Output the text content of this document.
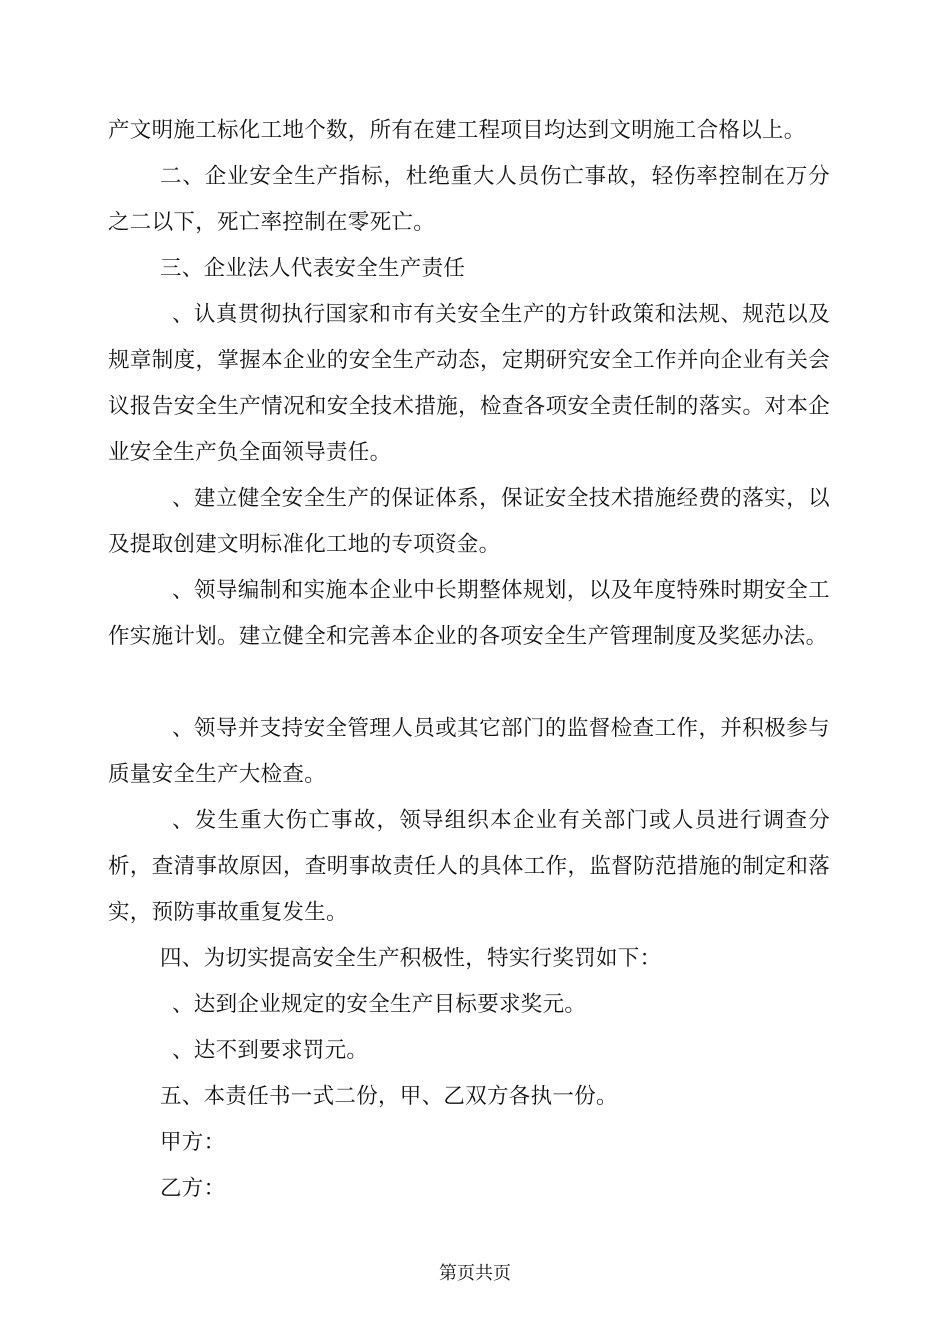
产文明施工标化工地个数，所有在建工程项目均达到文明施工合格以上。

二、企业安全生产指标，杜绝重大人员伤亡事故，轻伤率控制在万分之二以下，死亡率控制在零死亡。

三、企业法人代表安全生产责任

、认真贯彻执行国家和市有关安全生产的方针政策和法规、规范以及规章制度，掌握本企业的安全生产动态，定期研究安全工作并向企业有关会议报告安全生产情况和安全技术措施，检查各项安全责任制的落实。对本企业安全生产负全面领导责任。

、建立健全安全生产的保证体系，保证安全技术措施经费的落实，以及提取创建文明标准化工地的专项资金。

、领导编制和实施本企业中长期整体规划，以及年度特殊时期安全工作实施计划。建立健全和完善本企业的各项安全生产管理制度及奖惩办法。

、领导并支持安全管理人员或其它部门的监督检查工作，并积极参与质量安全生产大检查。

、发生重大伤亡事故，领导组织本企业有关部门或人员进行调查分析，查清事故原因，查明事故责任人的具体工作，监督防范措施的制定和落实，预防事故重复发生。

四、为切实提高安全生产积极性，特实行奖罚如下：

、达到企业规定的安全生产目标要求奖元。

、达不到要求罚元。

五、本责任书一式二份，甲、乙双方各执一份。

甲方：

乙方：

第页共页
